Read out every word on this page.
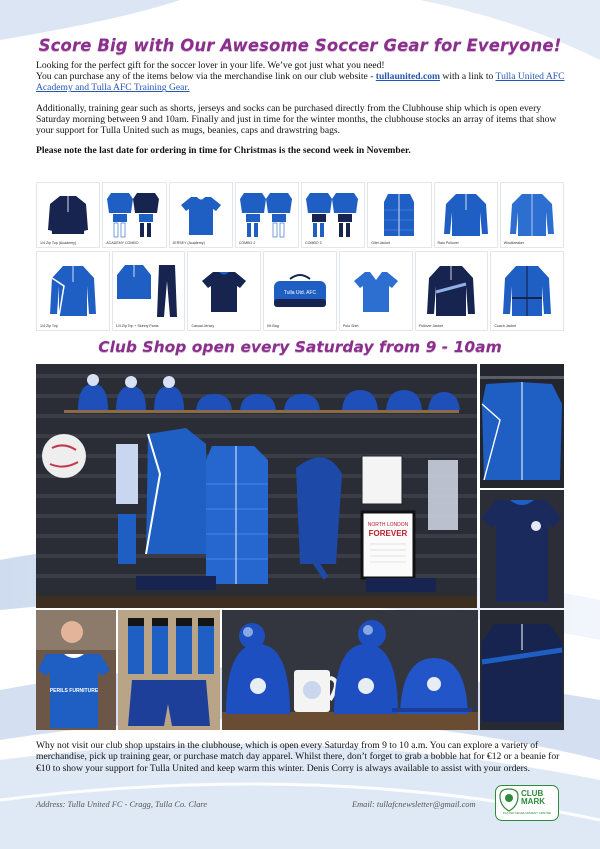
Score Big with Our Awesome Soccer Gear for Everyone!

Looking for the perfect gift for the soccer lover in your life. We’ve got just what you need!
You can purchase any of the items below via the merchandise link on our club website - tullaunited.com with a link to Tulla United AFC Academy and Tulla AFC Training Gear.

Additionally, training gear such as shorts, jerseys and socks can be purchased directly from the Clubhouse ship which is open every Saturday morning between 9 and 10am. Finally and just in time for the winter months, the clubhouse stocks an array of items that show your support for Tulla United such as mugs, beanies, caps and drawstring bags.

Please note the last date for ordering in time for Christmas is the second week in November.

1/4 Zip Top (Academy)	ACADEMY COMBO	JERSEY (Academy)	COMBO 2	COMBO 3	Gilet Jacket	Rain Pullover	Windbreaker
1/4 Zip Top	1/4 Zip Top + Skinny Pants	Casual Jersey
Tulla Utd. AFC
Kit Bag	Polo Shirt	Pullover Jacket	Coach Jacket
Club Shop open every Saturday from 9 - 10am
NORTH LONDON
FOREVER
PERILS FURNITURE
Why not visit our club shop upstairs in the clubhouse, which is open every Saturday from 9 to 10 a.m. You can explore a variety of merchandise, pick up training gear, or purchase match day apparel. Whilst there, don’t forget to grab a bobble hat for €12 or a beanie for €10 to show your support for Tulla United and keep warm this winter. Denis Corry is always available to assist with your orders.
Address: Tulla United FC - Cragg, Tulla Co. Clare	Email: tullafcnewsletter@gmail.com
CLUB
MARK
PLAYER DEVELOPMENT CENTRE
